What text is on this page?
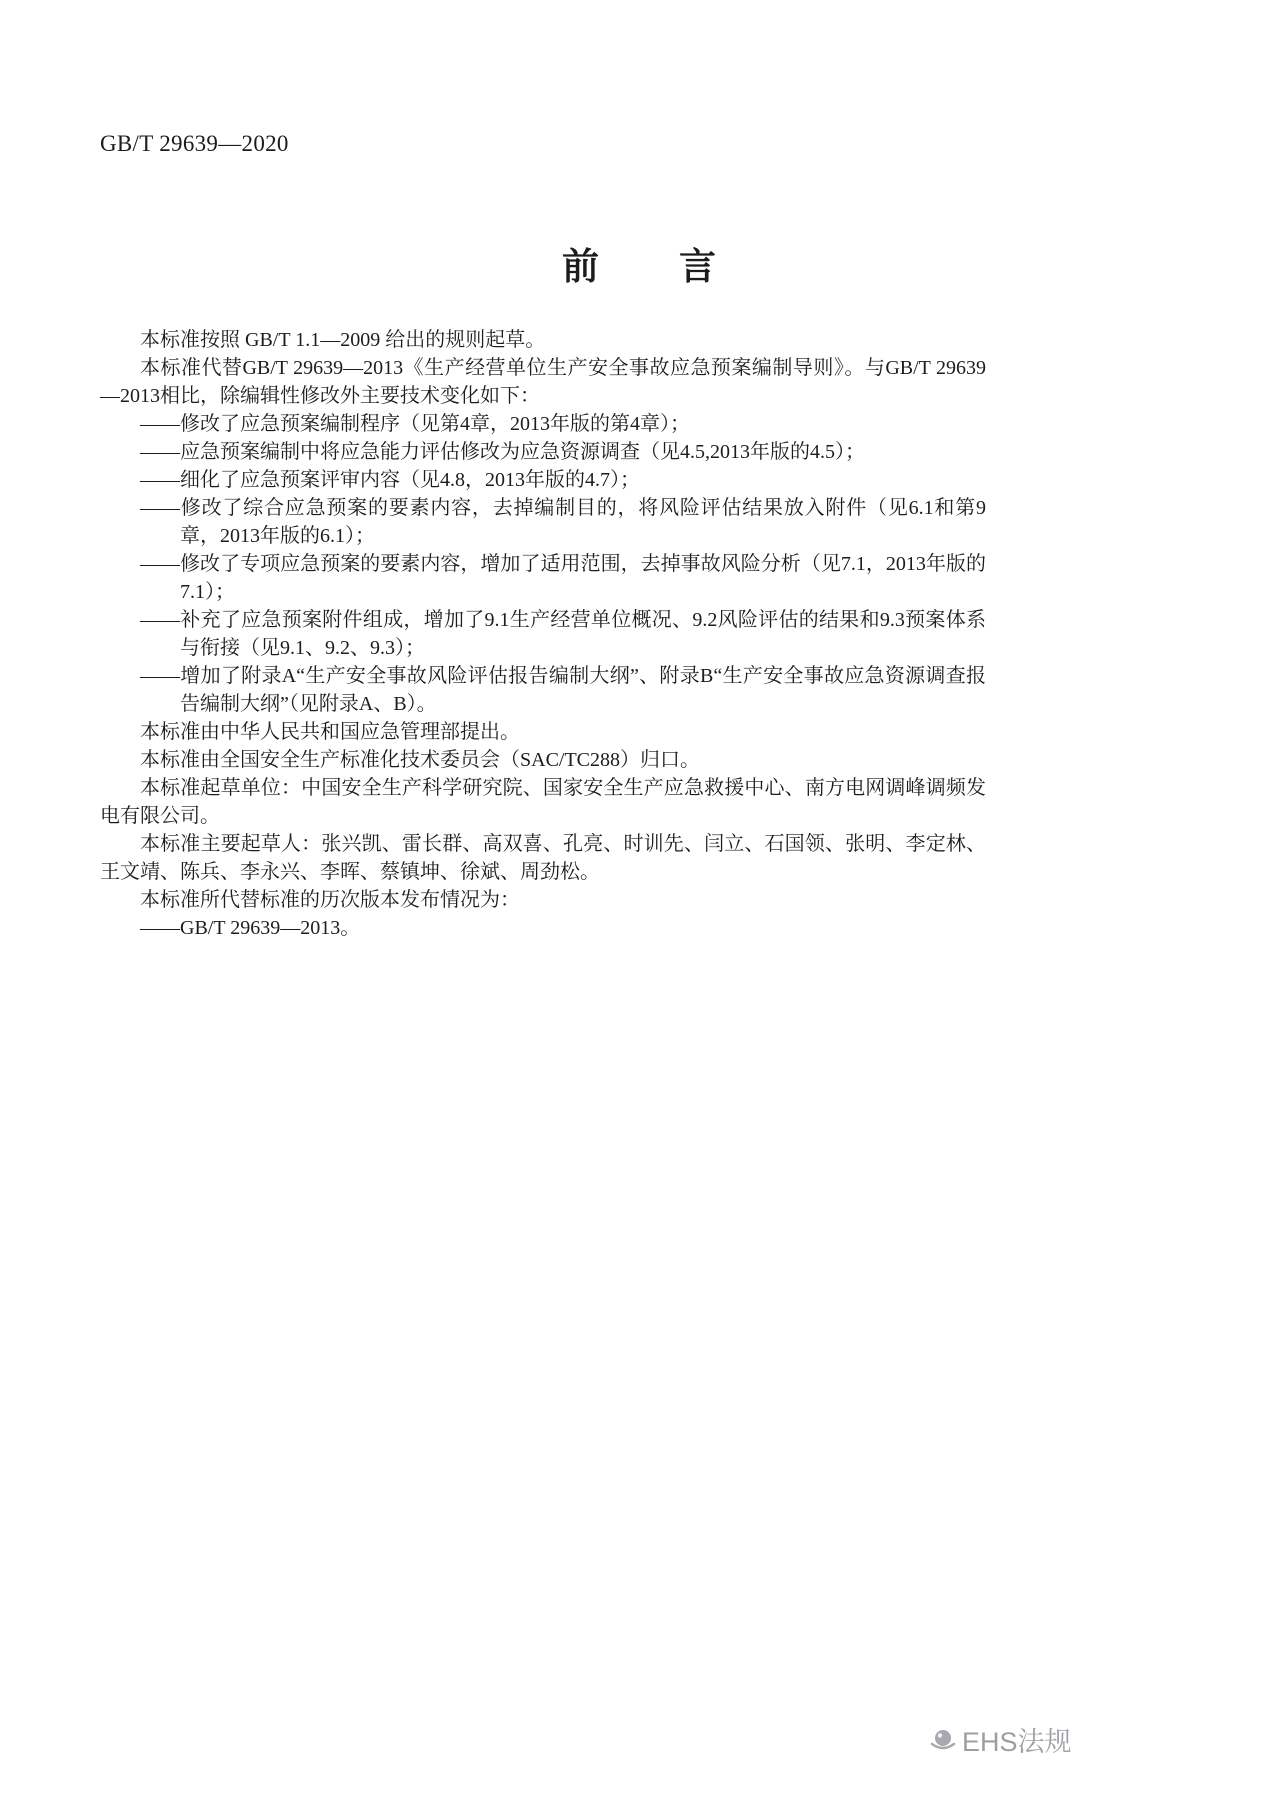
GB/T 29639—2020
前　　言

本标准按照 GB/T 1.1—2009 给出的规则起草。

本标准代替GB/T 29639—2013《生产经营单位生产安全事故应急预案编制导则》。与GB/T 29639—2013相比，除编辑性修改外主要技术变化如下：

——修改了应急预案编制程序（见第4章，2013年版的第4章）；

——应急预案编制中将应急能力评估修改为应急资源调查（见4.5,2013年版的4.5）；

——细化了应急预案评审内容（见4.8，2013年版的4.7）；

——修改了综合应急预案的要素内容，去掉编制目的，将风险评估结果放入附件（见6.1和第9章，2013年版的6.1）；

——修改了专项应急预案的要素内容，增加了适用范围，去掉事故风险分析（见7.1，2013年版的7.1）；

——补充了应急预案附件组成，增加了9.1生产经营单位概况、9.2风险评估的结果和9.3预案体系与衔接（见9.1、9.2、9.3）；

——增加了附录A“生产安全事故风险评估报告编制大纲”、附录B“生产安全事故应急资源调查报告编制大纲”（见附录A、B）。

本标准由中华人民共和国应急管理部提出。

本标准由全国安全生产标准化技术委员会（SAC/TC288）归口。

本标准起草单位：中国安全生产科学研究院、国家安全生产应急救援中心、南方电网调峰调频发电有限公司。

本标准主要起草人：张兴凯、雷长群、高双喜、孔亮、时训先、闫立、石国领、张明、李定林、王文靖、陈兵、李永兴、李晖、蔡镇坤、徐斌、周劲松。

本标准所代替标准的历次版本发布情况为：

——GB/T 29639—2013。

EHS法规
